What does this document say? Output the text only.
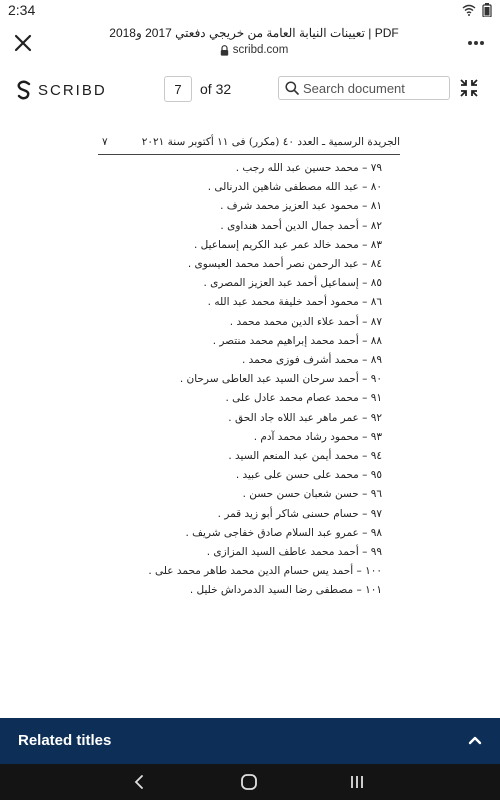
2:34
تعيينات النيابة العامة من خريجي دفعتي 2017 و2018 | PDF
scribd.com
SCRIBD	7	of 32
Search document
الجريدة الرسمية ـ العدد ٤٠ (مكرر) فى ١١ أكتوبر سنة ٢٠٢١
٧
٧٩ – محمد حسين عبد الله رجب .
٨٠ – عبد الله مصطفى شاهين الدرنالى .
٨١ – محمود عبد العزيز محمد شرف .
٨٢ – أحمد جمال الدين أحمد هنداوى .
٨٣ – محمد خالد عمر عبد الكريم إسماعيل .
٨٤ – عبد الرحمن نصر أحمد محمد العيسوى .
٨٥ – إسماعيل أحمد عبد العزيز المصرى .
٨٦ – محمود أحمد خليفة محمد عبد الله .
٨٧ – أحمد علاء الدين محمد محمد .
٨٨ – أحمد محمد إبراهيم محمد منتصر .
٨٩ – محمد أشرف فوزى محمد .
٩٠ – أحمد سرحان السيد عبد العاطى سرحان .
٩١ – محمد عصام محمد عادل على .
٩٢ – عمر ماهر عبد اللاه جاد الحق .
٩٣ – محمود رشاد محمد آدم .
٩٤ – محمد أيمن عبد المنعم السيد .
٩٥ – محمد على حسن على عبيد .
٩٦ – حسن شعبان حسن حسن .
٩٧ – حسام حسنى شاكر أبو زيد قمر .
٩٨ – عمرو عبد السلام صادق خفاجى شريف .
٩٩ – أحمد محمد عاطف السيد المزازى .
١٠٠ – أحمد يس حسام الدين محمد طاهر محمد على .
١٠١ – مصطفى رضا السيد الدمرداش خليل .
Related titles
